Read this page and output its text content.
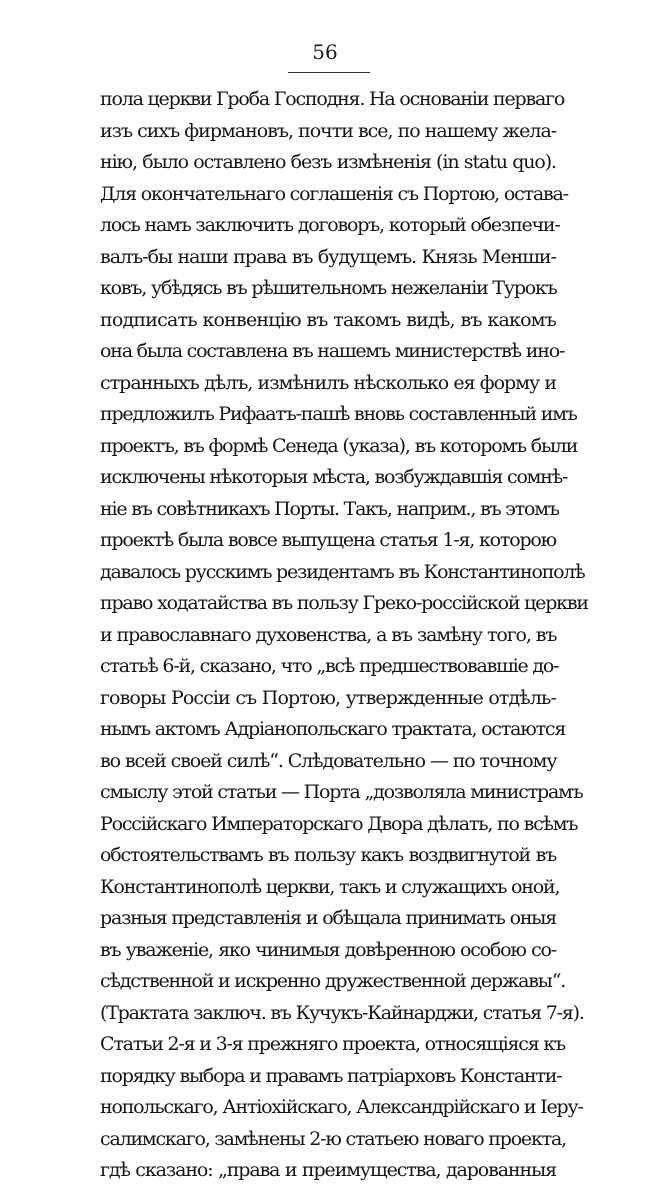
56
пола церкви Гроба Господня. На основанiи перваго
изъ сихъ фирмановъ, почти все, по нашему жела-
нiю, было оставлено безъ измѣненiя (in statu quo).
Для окончательнаго соглашенiя съ Портою, остава-
лось намъ заключить договоръ, который обезпечи-
валъ-бы наши права въ будущемъ. Князь Менши-
ковъ, убѣдясь въ рѣшительномъ нежеланiи Турокъ
подписать конвенцiю въ такомъ видѣ, въ какомъ
она была составлена въ нашемъ министерствѣ ино-
странныхъ дѣлъ, измѣнилъ нѣсколько ея форму и
предложилъ Рифаатъ-пашѣ вновь составленный имъ
проектъ, въ формѣ Сенеда (указа), въ которомъ были
исключены нѣкоторыя мѣста, возбуждавшiя сомнѣ-
нiе въ совѣтникахъ Порты. Такъ, наприм., въ этомъ
проектѣ была вовсе выпущена статья 1-я, которою
давалось русскимъ резидентамъ въ Константинополѣ
право ходатайства въ пользу Греко-россiйской церкви
и православнаго духовенства, а въ замѣну того, въ
статьѣ 6-й, сказано, что „всѣ предшествовавшiе до-
говоры Россiи съ Портою, утвержденные отдѣль-
нымъ актомъ Адрiанопольскаго трактата, остаются
во всей своей силѣ“. Слѣдовательно — по точному
смыслу этой статьи — Порта „дозволяла министрамъ
Россiйскаго Императорскаго Двора дѣлать, по всѣмъ
обстоятельствамъ въ пользу какъ воздвигнутой въ
Константинополѣ церкви, такъ и служащихъ оной,
разныя представленiя и обѣщала принимать оныя
въ уваженiе, яко чинимыя довѣренною особою со-
сѣдственной и искренно дружественной державы“.
(Трактата заключ. въ Кучукъ-Кайнарджи, статья 7-я).
Статьи 2-я и 3-я прежняго проекта, относящiяся къ
порядку выбора и правамъ патрiарховъ Константи-
нопольскаго, Антiохiйскаго, Александрiйскаго и Iеру-
салимскаго, замѣнены 2-ю статьею новаго проекта,
гдѣ сказано: „права и преимущества, дарованныя
